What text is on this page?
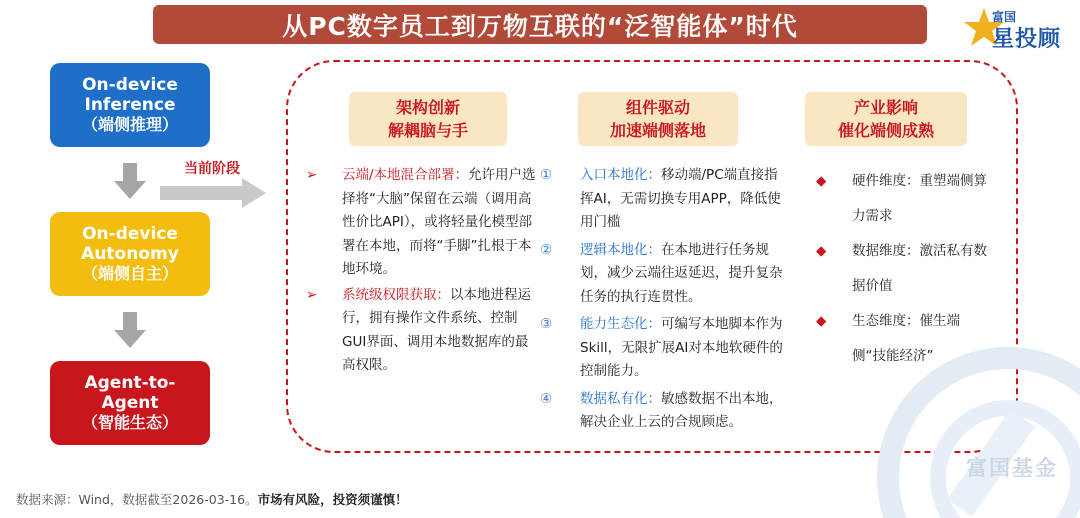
从PC数字员工到万物互联的“泛智能体”时代	富国
星投顾
On-device Inference
（端侧推理）
On-device Autonomy
（端侧自主）
Agent-to-Agent
（智能生态）
当前阶段
架构创新
解耦脑与手
组件驱动
加速端侧落地
产业影响
催化端侧成熟
➢ 云端/本地混合部署：允许用户选择将“大脑”保留在云端（调用高性价比API），或将轻量化模型部署在本地，而将“手脚”扎根于本地环境。
➢ 系统级权限获取：以本地进程运行，拥有操作文件系统、控制GUI界面、调用本地数据库的最高权限。
① 入口本地化：移动端/PC端直接指挥AI，无需切换专用APP，降低使用门槛
② 逻辑本地化：在本地进行任务规划，减少云端往返延迟，提升复杂任务的执行连贯性。
③ 能力生态化：可编写本地脚本作为Skill，无限扩展AI对本地软硬件的控制能力。
④ 数据私有化：敏感数据不出本地，解决企业上云的合规顾虑。
◆ 硬件维度：重塑端侧算力需求
◆ 数据维度：激活私有数据价值
◆ 生态维度：催生端侧“技能经济”
富国基金
数据来源：Wind，数据截至2026-03-16。市场有风险，投资须谨慎！
